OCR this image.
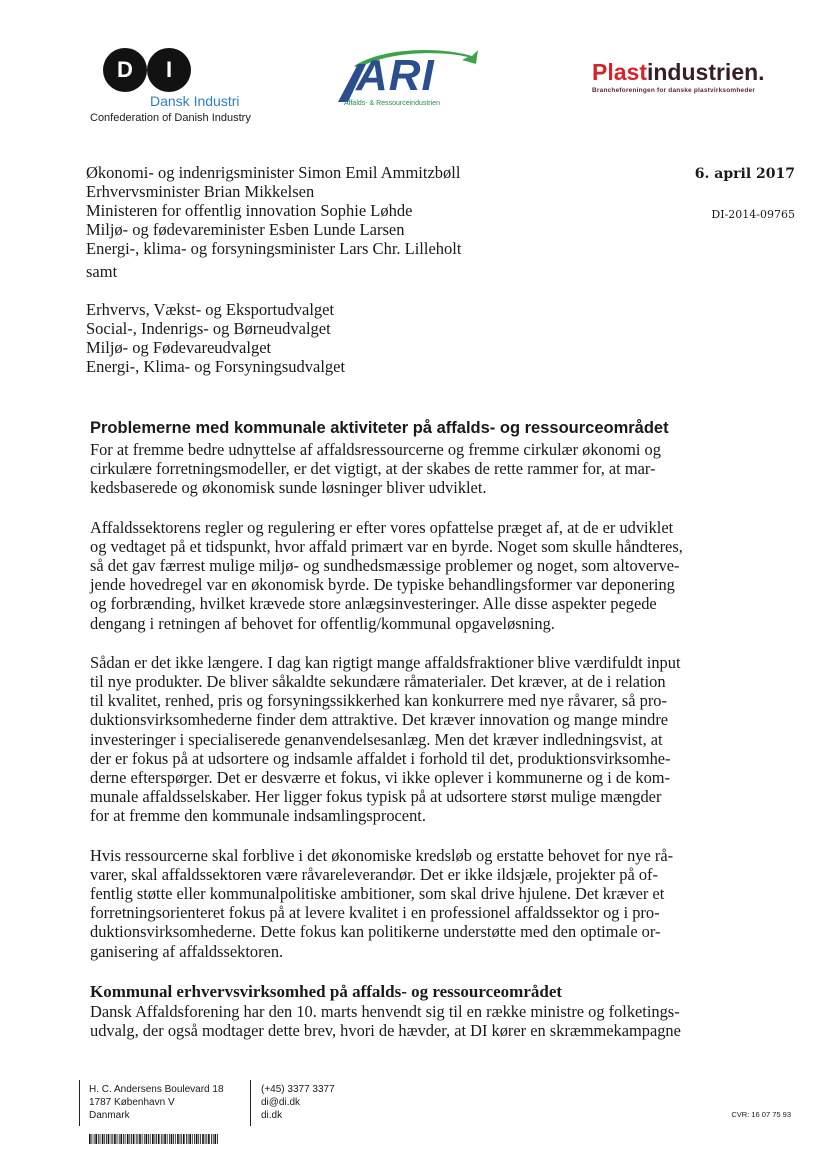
D	I
Dansk Industri
Confederation of Danish Industry
ARI
Affalds- & Ressourceindustrien
Plastindustrien.
Brancheforeningen for danske plastvirksomheder
6. april 2017
DI-2014-09765
Økonomi- og indenrigsminister Simon Emil Ammitzbøll
Erhvervsminister Brian Mikkelsen
Ministeren for offentlig innovation Sophie Løhde
Miljø- og fødevareminister Esben Lunde Larsen
Energi-, klima- og forsyningsminister Lars Chr. Lilleholt
samt
Erhvervs, Vækst- og Eksportudvalget
Social-, Indenrigs- og Børneudvalget
Miljø- og Fødevareudvalget
Energi-, Klima- og Forsyningsudvalget
Problemerne med kommunale aktiviteter på affalds- og ressourceområdet
For at fremme bedre udnyttelse af affaldsressourcerne og fremme cirkulær økonomi og
cirkulære forretningsmodeller, er det vigtigt, at der skabes de rette rammer for, at mar-
kedsbaserede og økonomisk sunde løsninger bliver udviklet.
Affaldssektorens regler og regulering er efter vores opfattelse præget af, at de er udviklet
og vedtaget på et tidspunkt, hvor affald primært var en byrde. Noget som skulle håndteres,
så det gav færrest mulige miljø- og sundhedsmæssige problemer og noget, som altoverve-
jende hovedregel var en økonomisk byrde. De typiske behandlingsformer var deponering
og forbrænding, hvilket krævede store anlægsinvesteringer. Alle disse aspekter pegede
dengang i retningen af behovet for offentlig/kommunal opgaveløsning.
Sådan er det ikke længere. I dag kan rigtigt mange affaldsfraktioner blive værdifuldt input
til nye produkter. De bliver såkaldte sekundære råmaterialer. Det kræver, at de i relation
til kvalitet, renhed, pris og forsyningssikkerhed kan konkurrere med nye råvarer, så pro-
duktionsvirksomhederne finder dem attraktive. Det kræver innovation og mange mindre
investeringer i specialiserede genanvendelsesanlæg. Men det kræver indledningsvist, at
der er fokus på at udsortere og indsamle affaldet i forhold til det, produktionsvirksomhe-
derne efterspørger. Det er desværre et fokus, vi ikke oplever i kommunerne og i de kom-
munale affaldsselskaber. Her ligger fokus typisk på at udsortere størst mulige mængder
for at fremme den kommunale indsamlingsprocent.
Hvis ressourcerne skal forblive i det økonomiske kredsløb og erstatte behovet for nye rå-
varer, skal affaldssektoren være råvareleverandør. Det er ikke ildsjæle, projekter på of-
fentlig støtte eller kommunalpolitiske ambitioner, som skal drive hjulene. Det kræver et
forretningsorienteret fokus på at levere kvalitet i en professionel affaldssektor og i pro-
duktionsvirksomhederne. Dette fokus kan politikerne understøtte med den optimale or-
ganisering af affaldssektoren.
Kommunal erhvervsvirksomhed på affalds- og ressourceområdet
Dansk Affaldsforening har den 10. marts henvendt sig til en række ministre og folketings-
udvalg, der også modtager dette brev, hvori de hævder, at DI kører en skræmmekampagne
H. C. Andersens Boulevard 18
1787 København V
Danmark
(+45) 3377 3377
di@di.dk
di.dk	CVR: 16 07 75 93
